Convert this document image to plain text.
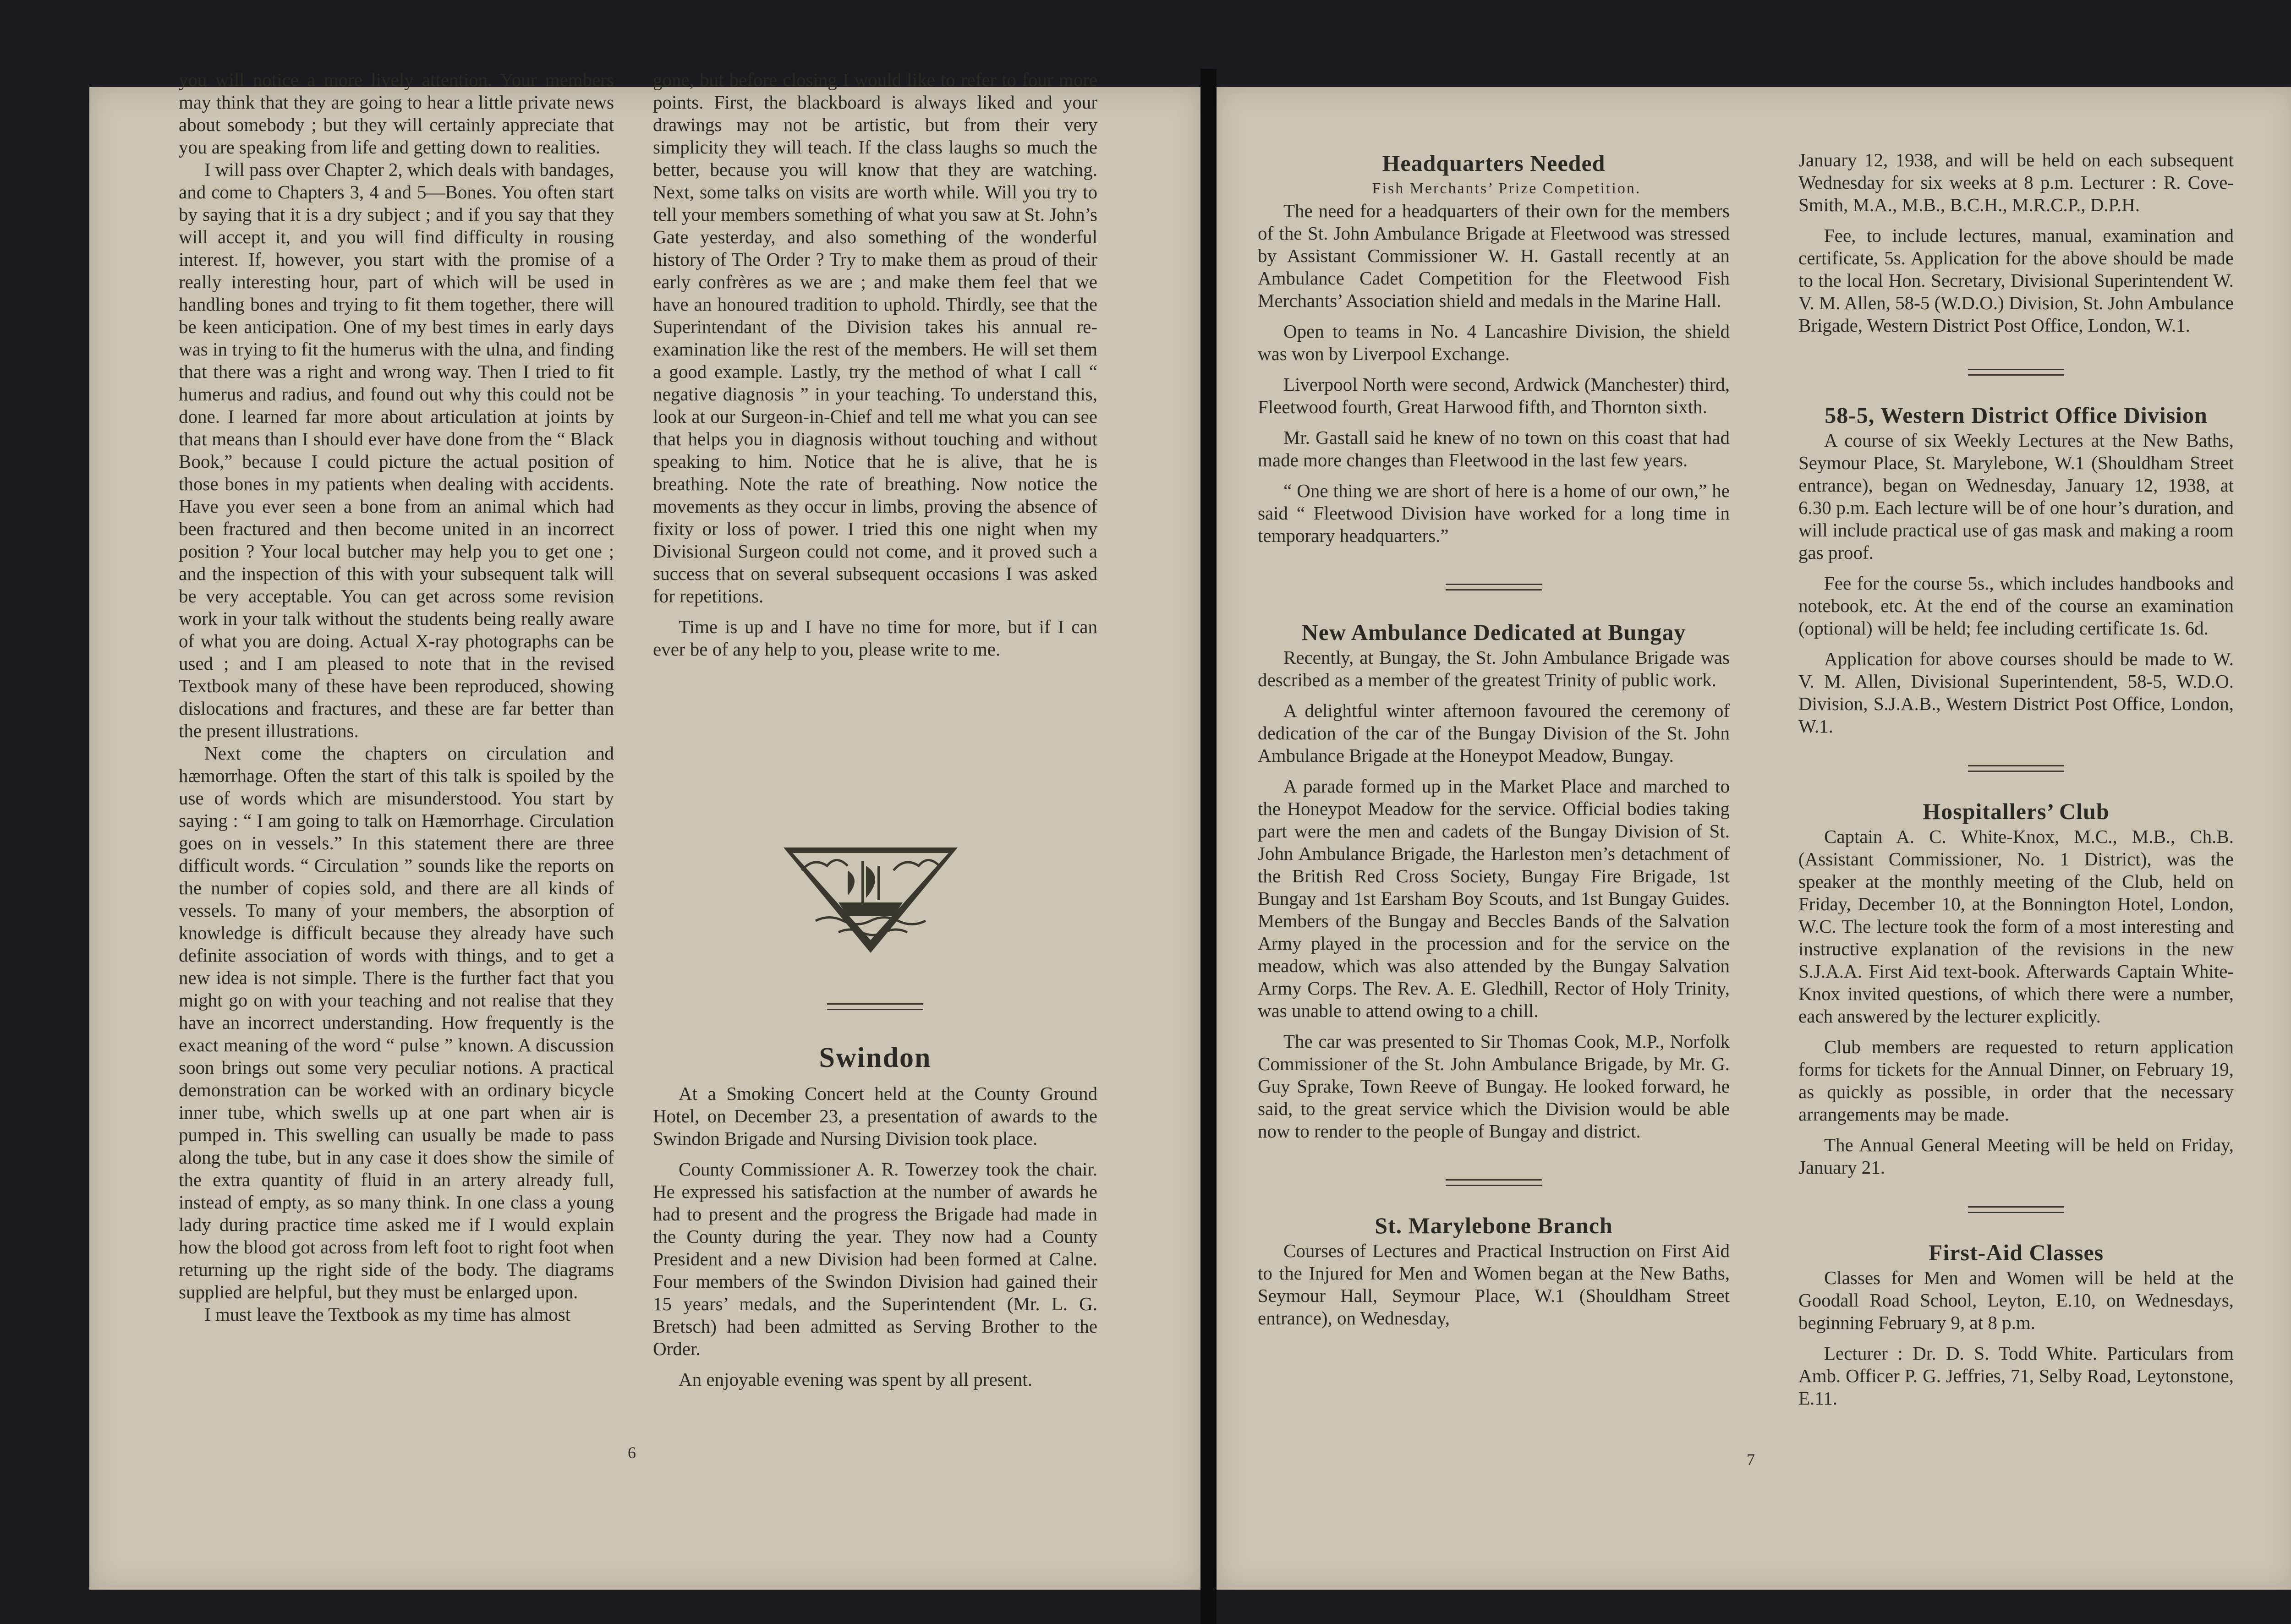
you will notice a more lively attention. Your members may think that they are going to hear a little private news about somebody ; but they will certainly appreciate that you are speaking from life and getting down to realities.

I will pass over Chapter 2, which deals with bandages, and come to Chapters 3, 4 and 5—Bones. You often start by saying that it is a dry subject ; and if you say that they will accept it, and you will find difficulty in rousing interest. If, however, you start with the promise of a really interesting hour, part of which will be used in handling bones and trying to fit them together, there will be keen anticipation. One of my best times in early days was in trying to fit the humerus with the ulna, and finding that there was a right and wrong way. Then I tried to fit humerus and radius, and found out why this could not be done. I learned far more about articulation at joints by that means than I should ever have done from the “ Black Book,” because I could picture the actual position of those bones in my patients when dealing with accidents. Have you ever seen a bone from an animal which had been fractured and then become united in an incorrect position ? Your local butcher may help you to get one ; and the inspection of this with your subsequent talk will be very acceptable. You can get across some revision work in your talk without the students being really aware of what you are doing. Actual X-ray photographs can be used ; and I am pleased to note that in the revised Textbook many of these have been reproduced, showing dislocations and fractures, and these are far better than the present illustrations.

Next come the chapters on circulation and hæmorrhage. Often the start of this talk is spoiled by the use of words which are misunderstood. You start by saying : “ I am going to talk on Hæmorrhage. Circulation goes on in vessels.” In this statement there are three difficult words. “ Circulation ” sounds like the reports on the number of copies sold, and there are all kinds of vessels. To many of your members, the absorption of knowledge is difficult because they already have such definite association of words with things, and to get a new idea is not simple. There is the further fact that you might go on with your teaching and not realise that they have an incorrect understanding. How frequently is the exact meaning of the word “ pulse ” known. A discussion soon brings out some very peculiar notions. A practical demonstration can be worked with an ordinary bicycle inner tube, which swells up at one part when air is pumped in. This swelling can usually be made to pass along the tube, but in any case it does show the simile of the extra quantity of fluid in an artery already full, instead of empty, as so many think. In one class a young lady during practice time asked me if I would explain how the blood got across from left foot to right foot when returning up the right side of the body. The diagrams supplied are helpful, but they must be enlarged upon.

I must leave the Textbook as my time has almost

gone, but before closing I would like to refer to four more points. First, the blackboard is always liked and your drawings may not be artistic, but from their very simplicity they will teach. If the class laughs so much the better, because you will know that they are watching. Next, some talks on visits are worth while. Will you try to tell your members something of what you saw at St. John’s Gate yesterday, and also something of the wonderful history of The Order ? Try to make them as proud of their early confrères as we are ; and make them feel that we have an honoured tradition to uphold. Thirdly, see that the Superintendant of the Division takes his annual re-examination like the rest of the members. He will set them a good example. Lastly, try the method of what I call “ negative diagnosis ” in your teaching. To understand this, look at our Surgeon-in-Chief and tell me what you can see that helps you in diagnosis without touching and without speaking to him. Notice that he is alive, that he is breathing. Note the rate of breathing. Now notice the movements as they occur in limbs, proving the absence of fixity or loss of power. I tried this one night when my Divisional Surgeon could not come, and it proved such a success that on several subsequent occasions I was asked for repetitions.

Time is up and I have no time for more, but if I can ever be of any help to you, please write to me.

Swindon

At a Smoking Concert held at the County Ground Hotel, on December 23, a presentation of awards to the Swindon Brigade and Nursing Division took place.

County Commissioner A. R. Towerzey took the chair. He expressed his satisfaction at the number of awards he had to present and the progress the Brigade had made in the County during the year. They now had a County President and a new Division had been formed at Calne. Four members of the Swindon Division had gained their 15 years’ medals, and the Superintendent (Mr. L. G. Bretsch) had been admitted as Serving Brother to the Order.

An enjoyable evening was spent by all present.

6
Headquarters Needed

Fish Merchants’ Prize Competition.

The need for a headquarters of their own for the members of the St. John Ambulance Brigade at Fleetwood was stressed by Assistant Commissioner W. H. Gastall recently at an Ambulance Cadet Competition for the Fleetwood Fish Merchants’ Association shield and medals in the Marine Hall.

Open to teams in No. 4 Lancashire Division, the shield was won by Liverpool Exchange.

Liverpool North were second, Ardwick (Manchester) third, Fleetwood fourth, Great Harwood fifth, and Thornton sixth.

Mr. Gastall said he knew of no town on this coast that had made more changes than Fleetwood in the last few years.

“ One thing we are short of here is a home of our own,” he said “ Fleetwood Division have worked for a long time in temporary headquarters.”

New Ambulance Dedicated at Bungay

Recently, at Bungay, the St. John Ambulance Brigade was described as a member of the greatest Trinity of public work.

A delightful winter afternoon favoured the ceremony of dedication of the car of the Bungay Division of the St. John Ambulance Brigade at the Honeypot Meadow, Bungay.

A parade formed up in the Market Place and marched to the Honeypot Meadow for the service. Official bodies taking part were the men and cadets of the Bungay Division of St. John Ambulance Brigade, the Harleston men’s detachment of the British Red Cross Society, Bungay Fire Brigade, 1st Bungay and 1st Earsham Boy Scouts, and 1st Bungay Guides. Members of the Bungay and Beccles Bands of the Salvation Army played in the procession and for the service on the meadow, which was also attended by the Bungay Salvation Army Corps. The Rev. A. E. Gledhill, Rector of Holy Trinity, was unable to attend owing to a chill.

The car was presented to Sir Thomas Cook, M.P., Norfolk Commissioner of the St. John Ambulance Brigade, by Mr. G. Guy Sprake, Town Reeve of Bungay. He looked forward, he said, to the great service which the Division would be able now to render to the people of Bungay and district.

St. Marylebone Branch

Courses of Lectures and Practical Instruction on First Aid to the Injured for Men and Women began at the New Baths, Seymour Hall, Seymour Place, W.1 (Shouldham Street entrance), on Wednesday,

January 12, 1938, and will be held on each subsequent Wednesday for six weeks at 8 p.m. Lecturer : R. Cove-Smith, M.A., M.B., B.C.H., M.R.C.P., D.P.H.

Fee, to include lectures, manual, examination and certificate, 5s. Application for the above should be made to the local Hon. Secretary, Divisional Superintendent W. V. M. Allen, 58-5 (W.D.O.) Division, St. John Ambulance Brigade, Western District Post Office, London, W.1.

58-5, Western District Office Division

A course of six Weekly Lectures at the New Baths, Seymour Place, St. Marylebone, W.1 (Shouldham Street entrance), began on Wednesday, January 12, 1938, at 6.30 p.m. Each lecture will be of one hour’s duration, and will include practical use of gas mask and making a room gas proof.

Fee for the course 5s., which includes handbooks and notebook, etc. At the end of the course an examination (optional) will be held; fee including certificate 1s. 6d.

Application for above courses should be made to W. V. M. Allen, Divisional Superintendent, 58-5, W.D.O. Division, S.J.A.B., Western District Post Office, London, W.1.

Hospitallers’ Club

Captain A. C. White-Knox, M.C., M.B., Ch.B. (Assistant Commissioner, No. 1 District), was the speaker at the monthly meeting of the Club, held on Friday, December 10, at the Bonnington Hotel, London, W.C. The lecture took the form of a most interesting and instructive explanation of the revisions in the new S.J.A.A. First Aid text-book. Afterwards Captain White-Knox invited questions, of which there were a number, each answered by the lecturer explicitly.

Club members are requested to return application forms for tickets for the Annual Dinner, on February 19, as quickly as possible, in order that the necessary arrangements may be made.

The Annual General Meeting will be held on Friday, January 21.

First-Aid Classes

Classes for Men and Women will be held at the Goodall Road School, Leyton, E.10, on Wednesdays, beginning February 9, at 8 p.m.

Lecturer : Dr. D. S. Todd White. Particulars from Amb. Officer P. G. Jeffries, 71, Selby Road, Leytonstone, E.11.

7
